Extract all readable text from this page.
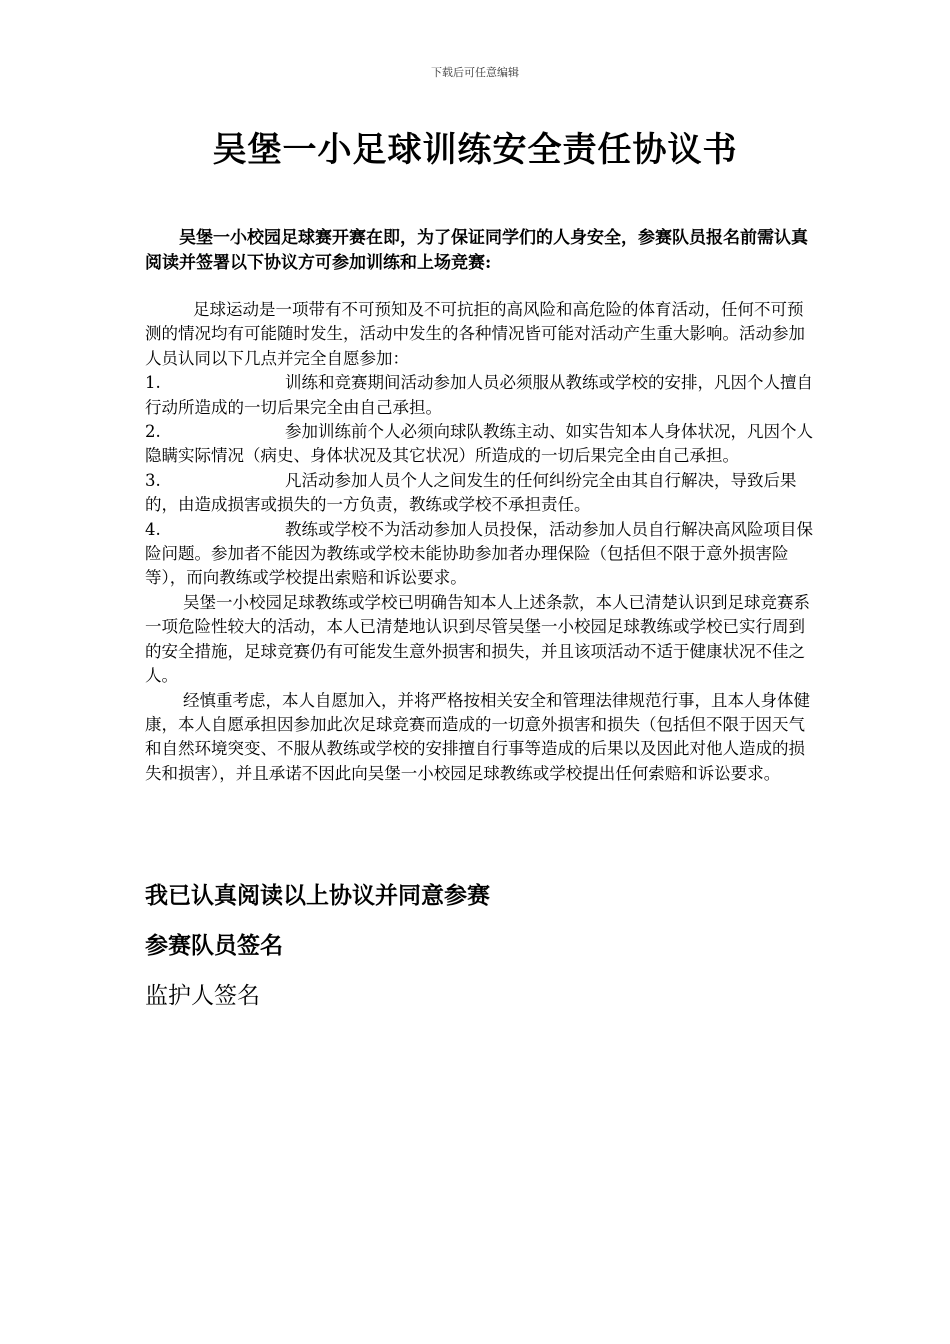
下载后可任意编辑
吴堡一小足球训练安全责任协议书

吴堡一小校园足球赛开赛在即，为了保证同学们的人身安全，参赛队员报名前需认真阅读并签署以下协议方可参加训练和上场竞赛:

足球运动是一项带有不可预知及不可抗拒的高风险和高危险的体育活动，任何不可预测的情况均有可能随时发生，活动中发生的各种情况皆可能对活动产生重大影响。活动参加人员认同以下几点并完全自愿参加：

1.	训练和竞赛期间活动参加人员必须服从教练或学校的安排，凡因个人擅自行动所造成的一切后果完全由自己承担。

2.	参加训练前个人必须向球队教练主动、如实告知本人身体状况，凡因个人隐瞒实际情况（病史、身体状况及其它状况）所造成的一切后果完全由自己承担。

3.	凡活动参加人员个人之间发生的任何纠纷完全由其自行解决，导致后果的，由造成损害或损失的一方负责，教练或学校不承担责任。

4.	教练或学校不为活动参加人员投保，活动参加人员自行解决高风险项目保险问题。参加者不能因为教练或学校未能协助参加者办理保险（包括但不限于意外损害险等），而向教练或学校提出索赔和诉讼要求。

吴堡一小校园足球教练或学校已明确告知本人上述条款，本人已清楚认识到足球竞赛系一项危险性较大的活动，本人已清楚地认识到尽管吴堡一小校园足球教练或学校已实行周到的安全措施，足球竞赛仍有可能发生意外损害和损失，并且该项活动不适于健康状况不佳之人。

经慎重考虑，本人自愿加入，并将严格按相关安全和管理法律规范行事，且本人身体健康，本人自愿承担因参加此次足球竞赛而造成的一切意外损害和损失（包括但不限于因天气和自然环境突变、不服从教练或学校的安排擅自行事等造成的后果以及因此对他人造成的损失和损害），并且承诺不因此向吴堡一小校园足球教练或学校提出任何索赔和诉讼要求。

我已认真阅读以上协议并同意参赛

参赛队员签名

监护人签名
